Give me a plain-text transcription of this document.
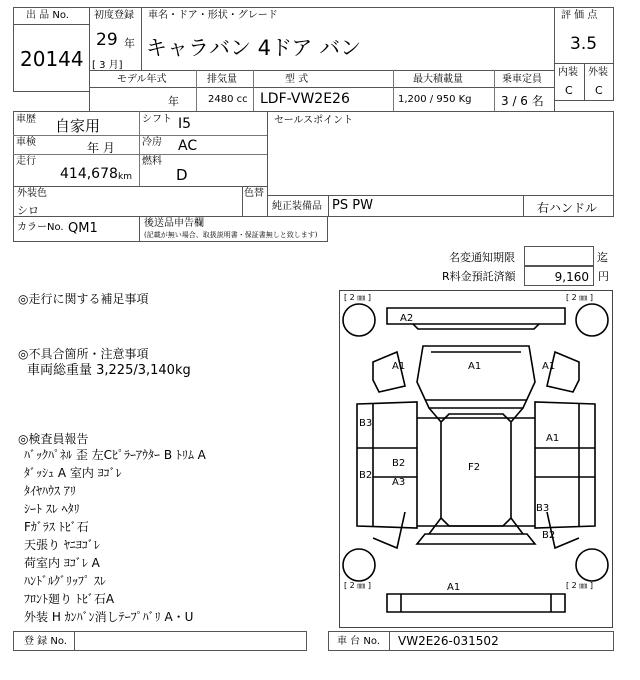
出 品 No.
20144
初度登録
29 年
[ 3 月]
車名・ドア・形状・グレード
キャラバン 4ドア バン
評 価 点
3.5
内装
C
外装
C
モデル年式	排気量	型 式	最大積載量	乗車定員
年	2480 cc LDF-VW2E26	1,200 / 950 Kg 3 / 6 名
車歴 自家用	シフト I5
車検	年 月	冷房 AC
走行
414,678 km
燃料
D
セールスポイント
外装色
シロ
色替
純正装備品 PS PW	右ハンドル
カラーNo. QM1	後送品申告欄
(記載が無い場合、取扱説明書・保証書無しと致します)
名変通知期限	迄
R料金預託済額	9,160 円
◎走行に関する補足事項
◎不具合箇所・注意事項
車両総重量 3,225/3,140kg
◎検査員報告
ﾊﾞｯｸﾊﾟﾈﾙ 歪 左Cﾋﾟﾗｰｱｳﾀｰ B ﾄﾘﾑ A
ﾀﾞｯｼｭ A 室内 ﾖｺﾞﾚ
ﾀｲﾔﾊｳｽ ｱﾘ
ｼｰﾄ ｽﾚ ﾍﾀﾘ
Fｶﾞﾗｽ ﾄﾋﾞ石
天張り ﾔﾆﾖｺﾞﾚ
荷室内 ﾖｺﾞﾚ A
ﾊﾝﾄﾞﾙｸﾞﾘｯﾌﾟ ｽﾚ
ﾌﾛﾝﾄ廻り ﾄﾋﾞ石A
外装 H ｶﾝﾊﾞﾝ消しﾃｰﾌﾟﾊﾞﾘ A・U
[ 2 ㎜ ]	[ 2 ㎜ ]
[ 2 ㎜ ]	[ 2 ㎜ ]
A2
A1	A1	A1
B3
A1
B2	F2
B2
A3
B3
B2
A1
登 録 No.	車 台 No. VW2E26-031502
